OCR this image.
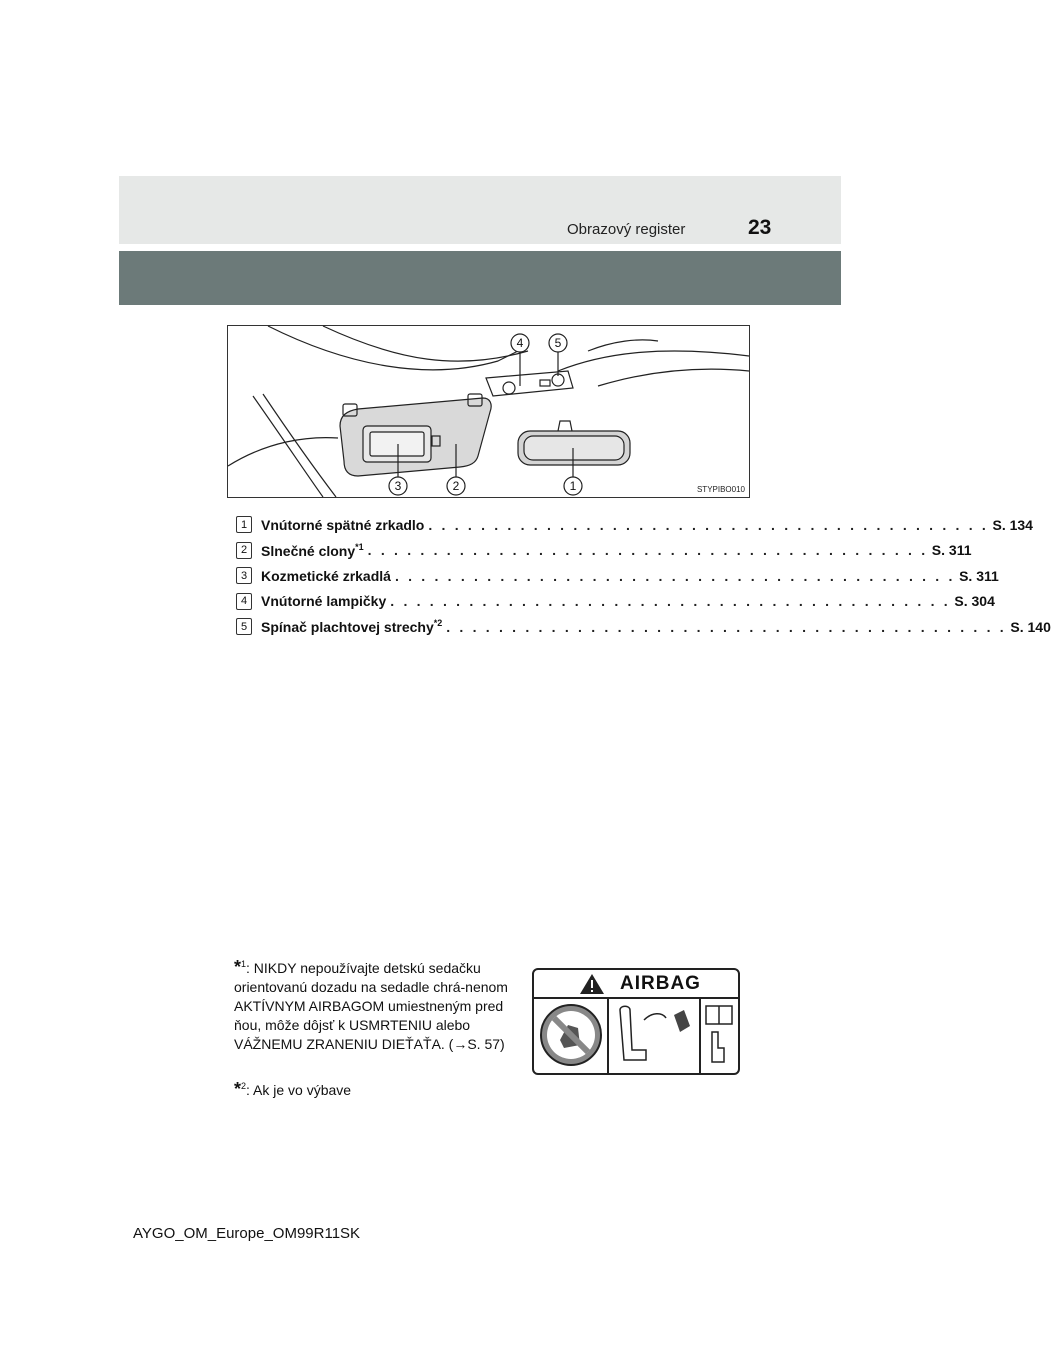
Obrazový register	23
1
2
3
4	5
STYPIBO010
1 Vnútorné spätné zrkadlo . . . . . . . . . . . . . . . . . . . . . . . . . . . . . . . . . . . . . . . . . . . S. 134
2 Slnečné clony$^{*1}$ . . . . . . . . . . . . . . . . . . . . . . . . . . . . . . . . . . . . . . . . . . . S. 311
3 Kozmetické zrkadlá . . . . . . . . . . . . . . . . . . . . . . . . . . . . . . . . . . . . . . . . . . . S. 311
4 Vnútorné lampičky . . . . . . . . . . . . . . . . . . . . . . . . . . . . . . . . . . . . . . . . . . . S. 304
5 Spínač plachtovej strechy$^{*2}$ . . . . . . . . . . . . . . . . . . . . . . . . . . . . . . . . . . . . . . . . . . . S. 140
*$^1$: NIKDY nepoužívajte detskú sedačku orientovanú dozadu na sedadle chrá-nenom AKTÍVNYM AIRBAGOM umiestneným pred ňou, môže dôjsť k USMRTENIU alebo VÁŽNEMU ZRANENIU DIEŤAŤA. (→S. 57)
AIRBAG
*$^2$: Ak je vo výbave
AYGO_OM_Europe_OM99R11SK
